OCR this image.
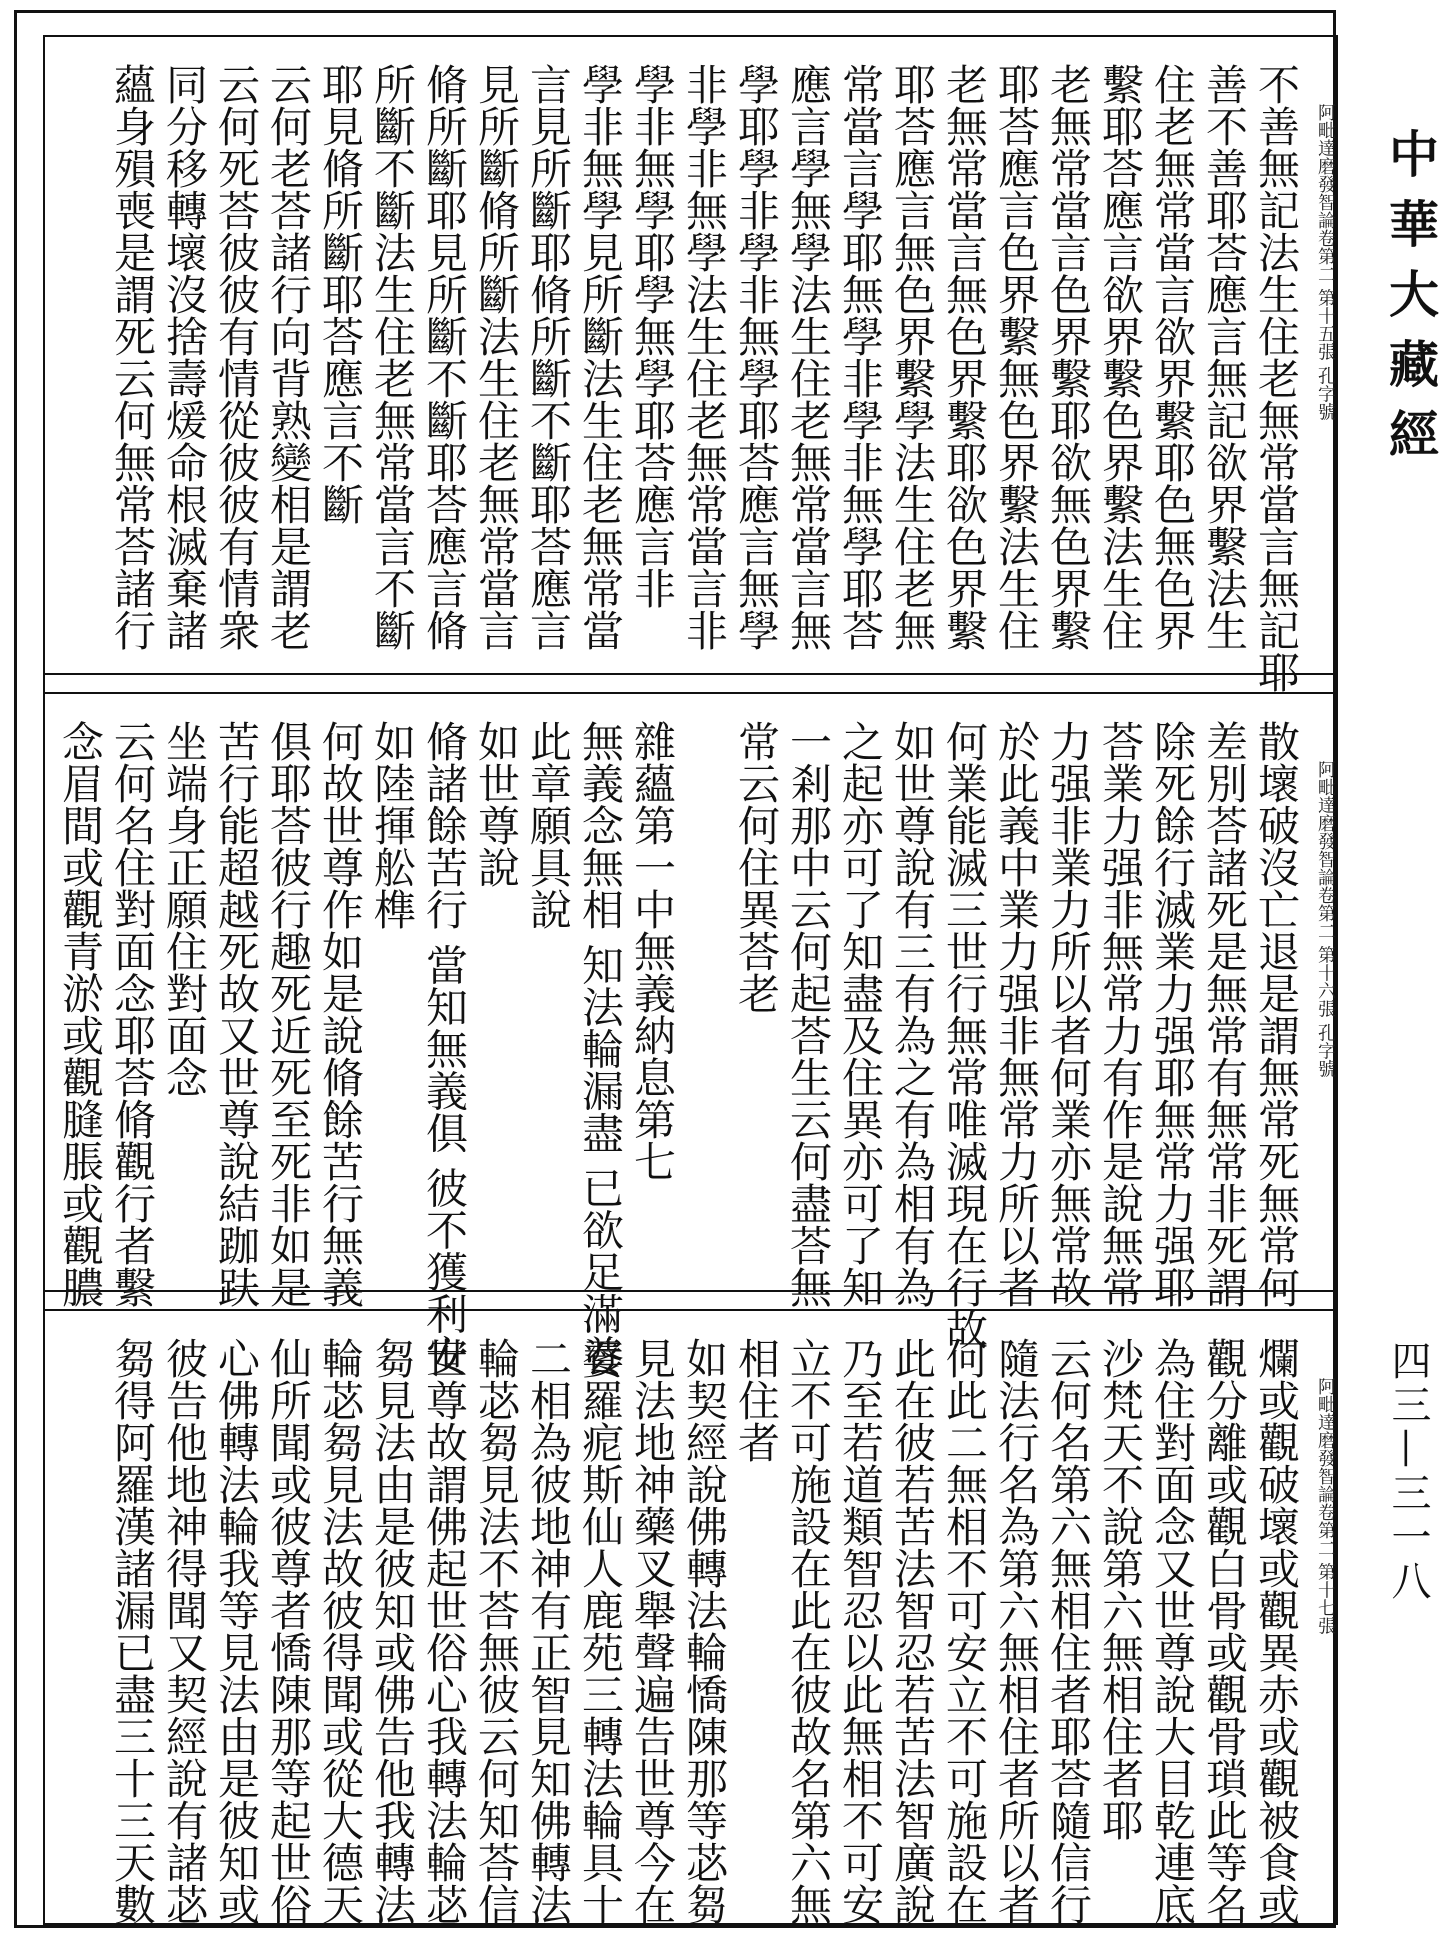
阿毗達磨發智論卷第二 第十五張 孔字號
不善無記法生住老無常當言無記耶
善不善耶荅應言無記欲界繫法生
住老無常當言欲界繫耶色無色界
繫耶荅應言欲界繫色界繫法生住
老無常當言色界繫耶欲無色界繫
耶荅應言色界繫無色界繫法生住
老無常當言無色界繫耶欲色界繫
耶荅應言無色界繫學法生住老無
常當言學耶無學非學非無學耶荅
應言學無學法生住老無常當言無
學耶學非學非無學耶荅應言無學
非學非無學法生住老無常當言非
學非無學耶學無學耶荅應言非
學非無學見所斷法生住老無常當
言見所斷耶脩所斷不斷耶荅應言
見所斷脩所斷法生住老無常當言
脩所斷耶見所斷不斷耶荅應言脩
所斷不斷法生住老無常當言不斷
耶見脩所斷耶荅應言不斷
云何老荅諸行向背熟變相是謂老
云何死荅彼彼有情從彼彼有情衆
同分移轉壞沒捨壽煖命根滅棄諸
蘊身殞喪是謂死云何無常荅諸行
阿毗達磨發智論卷第二 第十六張 孔字號
散壞破沒亡退是謂無常死無常何
差別荅諸死是無常有無常非死謂
除死餘行滅業力强耶無常力强耶
荅業力强非無常力有作是說無常
力强非業力所以者何業亦無常故
於此義中業力强非無常力所以者
何業能滅三世行無常唯滅現在行故
如世尊說有三有為之有為相有為
之起亦可了知盡及住異亦可了知
一剎那中云何起荅生云何盡荅無
常云何住異荅老
雜蘊第一中無義納息第七
無義念無相 知法輪漏盡 已欲足滿養
此章願具說
如世尊說
脩諸餘苦行 當知無義俱 彼不獲利安
如陸揮舩榫
何故世尊作如是說脩餘苦行無義
俱耶荅彼行趣死近死至死非如是
苦行能超越死故又世尊說結跏趺
坐端身正願住對面念
云何名住對面念耶荅脩觀行者繫
念眉間或觀青淤或觀膖脹或觀膿
阿毗達磨發智論卷第二 第十七張
爛或觀破壞或觀異赤或觀被食或
觀分離或觀白骨或觀骨瑣此等名
為住對面念又世尊說大目乾連底
沙梵天不說第六無相住者耶
云何名第六無相住者耶荅隨信行
隨法行名為第六無相住者所以者
何此二無相不可安立不可施設在
此在彼若苦法智忍若苦法智廣說
乃至若道類智忍以此無相不可安
立不可施設在此在彼故名第六無
相住者
如契經說佛轉法輪憍陳那等苾芻
見法地神藥叉舉聲遍告世尊今在
婆羅痆斯仙人鹿苑三轉法輪具十
二相為彼地神有正智見知佛轉法
輪苾芻見法不荅無彼云何知荅信
世尊故謂佛起世俗心我轉法輪苾
芻見法由是彼知或佛告他我轉法
輪苾芻見法故彼得聞或從大德天
仙所聞或彼尊者憍陳那等起世俗
心佛轉法輪我等見法由是彼知或
彼告他地神得聞又契經說有諸苾
芻得阿羅漢諸漏已盡三十三天數
中華大藏經
四三—三一八
